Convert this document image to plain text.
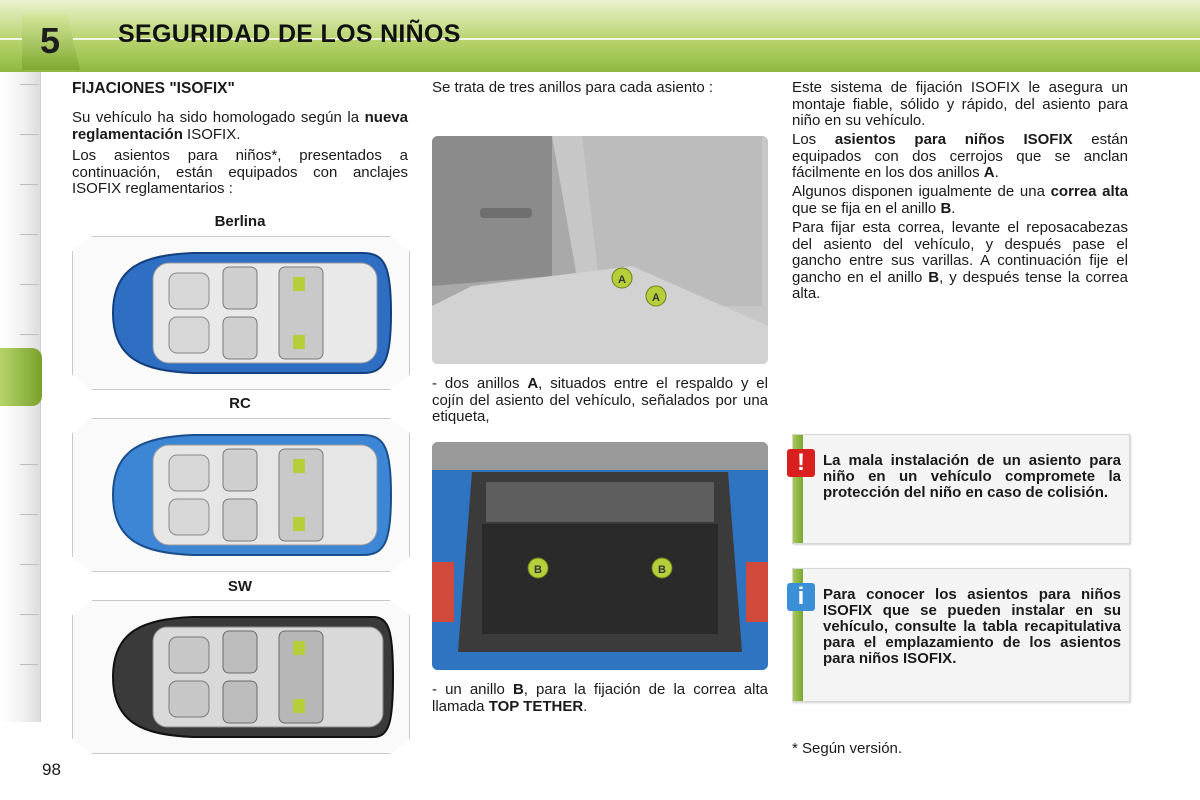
5 SEGURIDAD DE LOS NIÑOS
FIJACIONES "ISOFIX"
Su vehículo ha sido homologado según la nueva reglamentación ISOFIX.
Los asientos para niños*, presentados a continuación, están equipados con anclajes ISOFIX reglamentarios :
Berlina
RC
SW
Se trata de tres anillos para cada asiento :
A
A
- dos anillos A, situados entre el respaldo y el cojín del asiento del vehículo, señalados por una etiqueta,
B	B
- un anillo B, para la fijación de la correa alta llamada TOP TETHER.
Este sistema de fijación ISOFIX le asegura un montaje fiable, sólido y rápido, del asiento para niño en su vehículo.
Los asientos para niños ISOFIX están equipados con dos cerrojos que se anclan fácilmente en los dos anillos A.
Algunos disponen igualmente de una correa alta que se fija en el anillo B.
Para fijar esta correa, levante el reposacabezas del asiento del vehículo, y después pase el gancho entre sus varillas. A continuación fije el gancho en el anillo B, y después tense la correa alta.
!	La mala instalación de un asiento para niño en un vehículo compromete la protección del niño en caso de colisión.
i	Para conocer los asientos para niños ISOFIX que se pueden instalar en su vehículo, consulte la tabla recapitulativa para el emplazamiento de los asientos para niños ISOFIX.
* Según versión.
98
